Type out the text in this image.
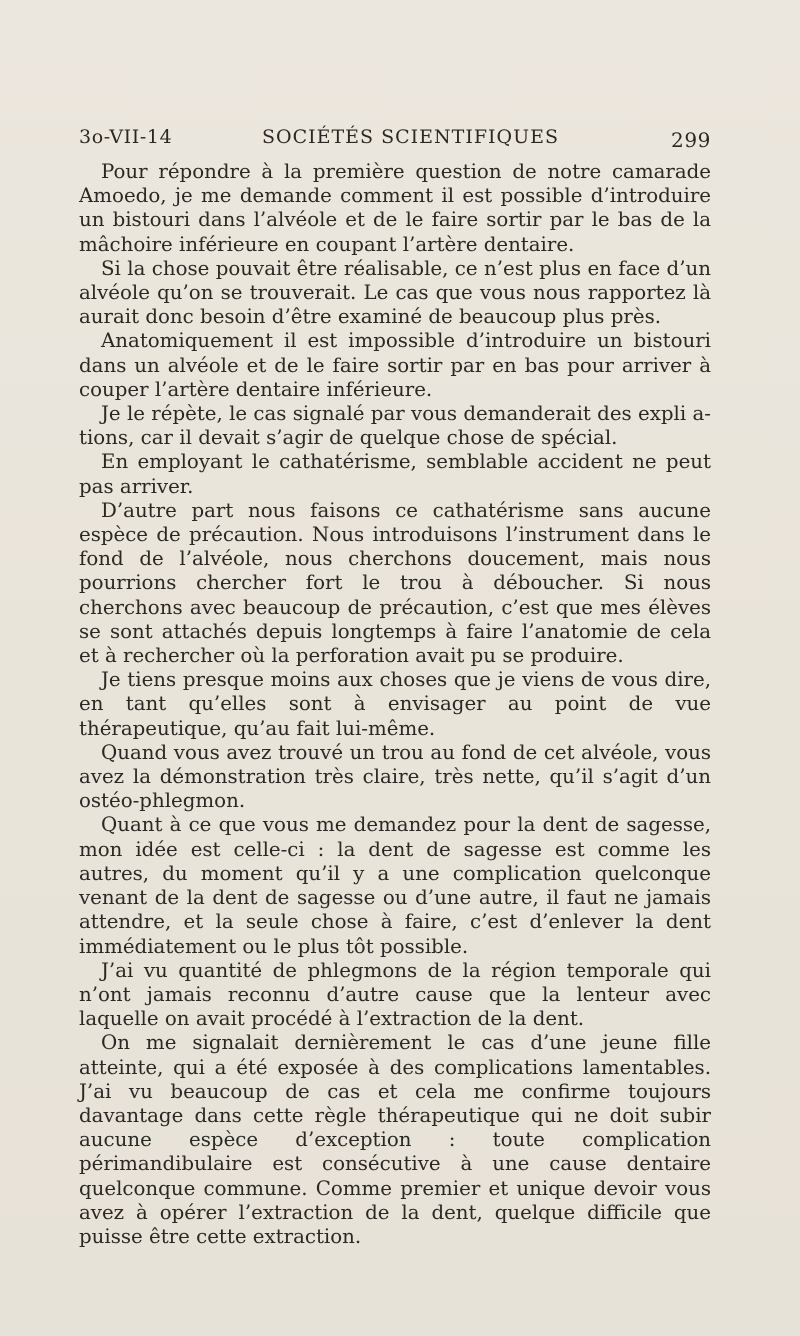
3o-VII-14	SOCIÉTÉS SCIENTIFIQUES	299

Pour répondre à la première question de notre camarade Amoedo, je me demande comment il est possible d’introduire un bistouri dans l’alvéole et de le faire sortir par le bas de la mâchoire inférieure en coupant l’artère dentaire.

Si la chose pouvait être réalisable, ce n’est plus en face d’un alvéole qu’on se trouverait. Le cas que vous nous rapportez là aurait donc besoin d’être examiné de beaucoup plus près.

Anatomiquement il est impossible d’introduire un bistouri dans un alvéole et de le faire sortir par en bas pour arriver à couper l’artère dentaire inférieure.

Je le répète, le cas signalé par vous demanderait des expli a-tions, car il devait s’agir de quelque chose de spécial.

En employant le cathatérisme, semblable accident ne peut pas arriver.

D’autre part nous faisons ce cathatérisme sans aucune espèce de précaution. Nous introduisons l’instrument dans le fond de l’alvéole, nous cherchons doucement, mais nous pourrions chercher fort le trou à déboucher. Si nous cherchons avec beaucoup de précaution, c’est que mes élèves se sont attachés depuis longtemps à faire l’anatomie de cela et à rechercher où la perforation avait pu se produire.

Je tiens presque moins aux choses que je viens de vous dire, en tant qu’elles sont à envisager au point de vue thérapeutique, qu’au fait lui-même.

Quand vous avez trouvé un trou au fond de cet alvéole, vous avez la démonstration très claire, très nette, qu’il s’agit d’un ostéo-phlegmon.

Quant à ce que vous me demandez pour la dent de sagesse, mon idée est celle-ci : la dent de sagesse est comme les autres, du moment qu’il y a une complication quelconque venant de la dent de sagesse ou d’une autre, il faut ne jamais attendre, et la seule chose à faire, c’est d’enlever la dent immédiatement ou le plus tôt possible.

J’ai vu quantité de phlegmons de la région temporale qui n’ont jamais reconnu d’autre cause que la lenteur avec laquelle on avait procédé à l’extraction de la dent.

On me signalait dernièrement le cas d’une jeune fille atteinte, qui a été exposée à des complications lamentables. J’ai vu beaucoup de cas et cela me confirme toujours davantage dans cette règle thérapeutique qui ne doit subir aucune espèce d’exception : toute complication périmandibulaire est consécutive à une cause dentaire quelconque commune. Comme premier et unique devoir vous avez à opérer l’extraction de la dent, quelque difficile que puisse être cette extraction.
